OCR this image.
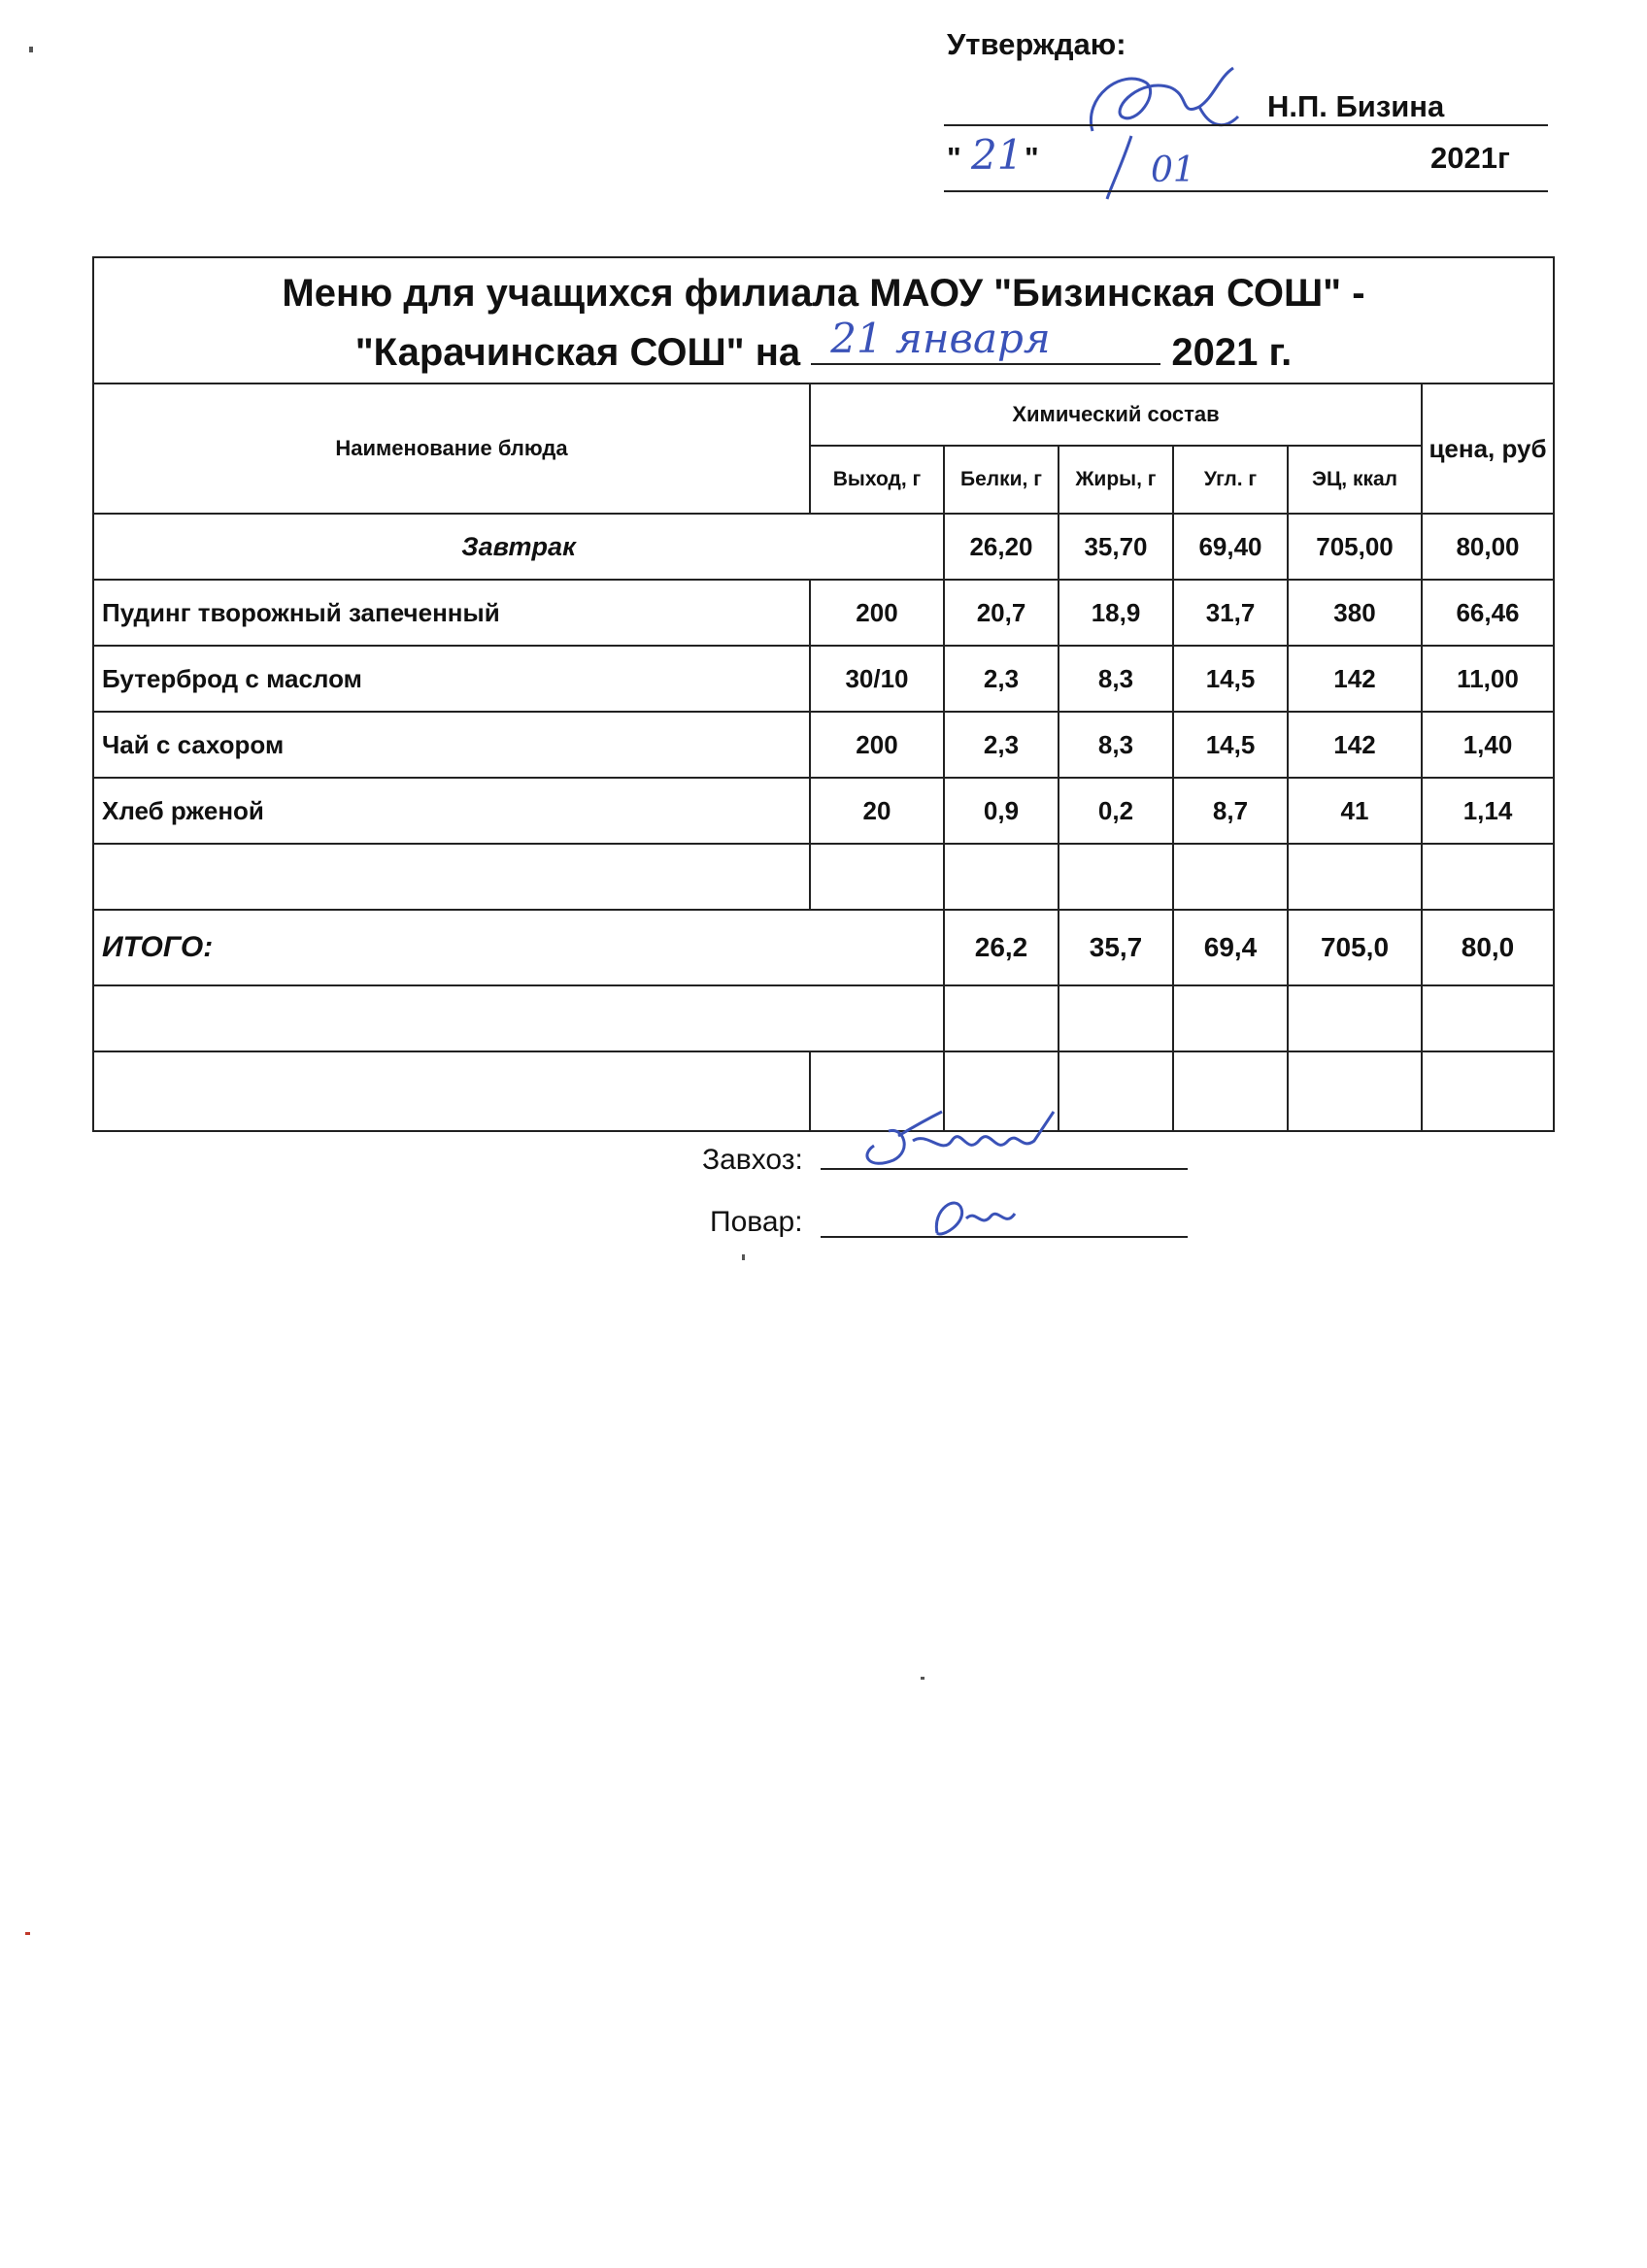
Утверждаю:
Н.П. Бизина
" 21 "	01	2021г
Меню для учащихся филиала МАОУ "Бизинская СОШ" -
"Карачинская СОШ" на 21 января 2021 г.						

Наименование блюда	Химический состав					цена, руб
	Выход, г	Белки, г	Жиры, г	Угл. г	ЭЦ, ккал	
Завтрак		26,20	35,70	69,40	705,00	80,00
Пудинг творожный запеченный	200	20,7	18,9	31,7	380	66,46
Бутерброд с маслом	30/10	2,3	8,3	14,5	142	11,00
Чай с сахором	200	2,3	8,3	14,5	142	1,40
Хлеб ржeной	20	0,9	0,2	8,7	41	1,14

ИТОГО:		26,2	35,7	69,4	705,0	80,0

Завхоз:
Повар:
